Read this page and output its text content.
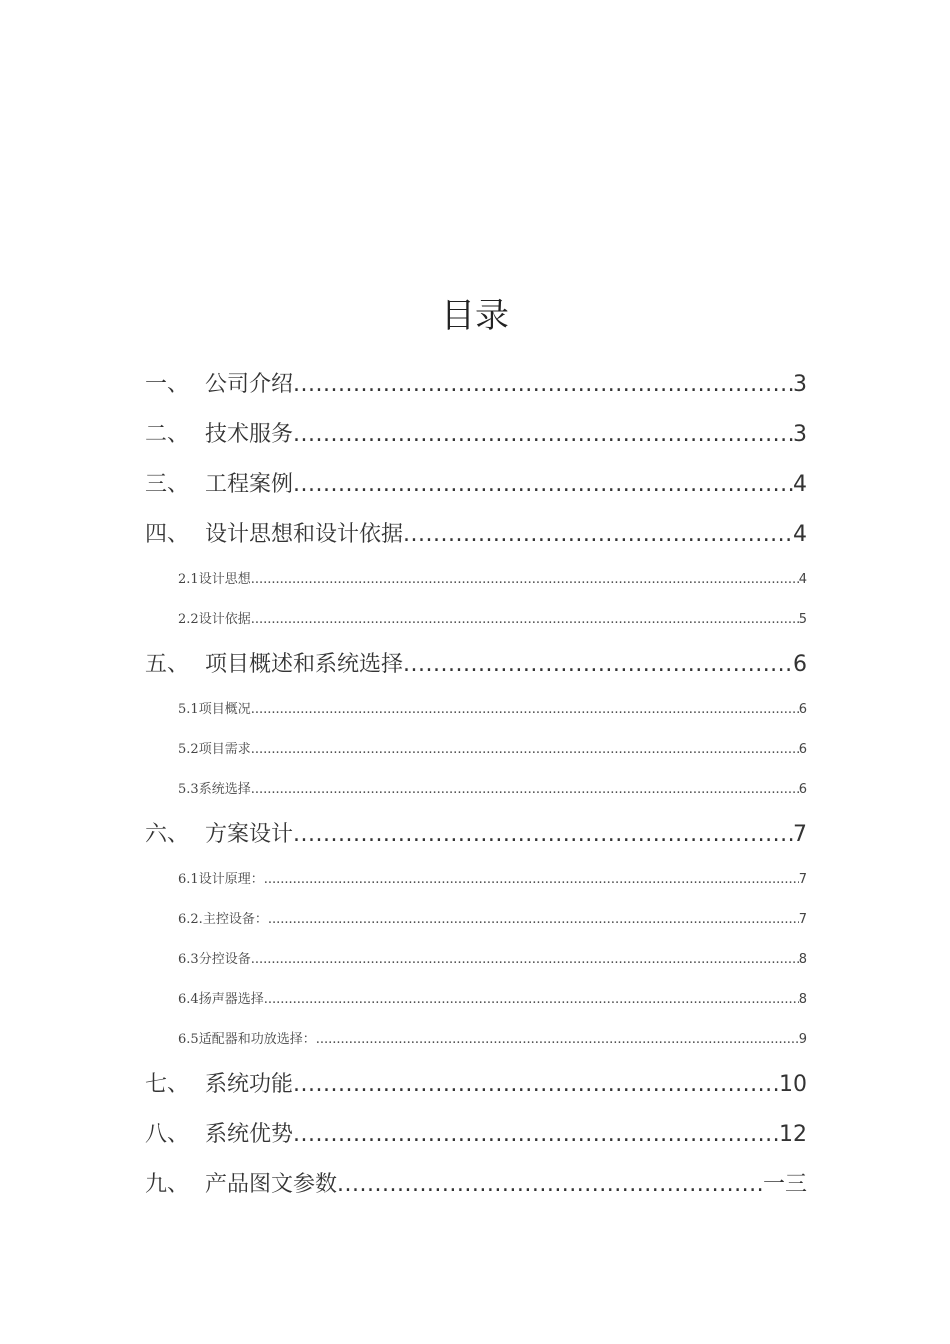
目录
一、 公司介绍 .....	3
二、 技术服务 .....	3
三、 工程案例 .....	4
四、 设计思想和设计依据 .....	4
2.1 设计思想 .....	4
2.2 设计依据 .....	5
五、 项目概述和系统选择 .....	6
5.1 项目概况 .....	6
5.2 项目需求 .....	6
5.3 系统选择 .....	6
六、 方案设计 .....	7
6.1 设计原理： .....	7
6.2. 主控设备： .....	7
6.3 分控设备 .....	8
6.4 扬声器选择 .....	8
6.5 适配器和功放选择： .....	9
七、 系统功能 .....	10
八、 系统优势 .....	12
九、 产品图文参数 .....	一三
